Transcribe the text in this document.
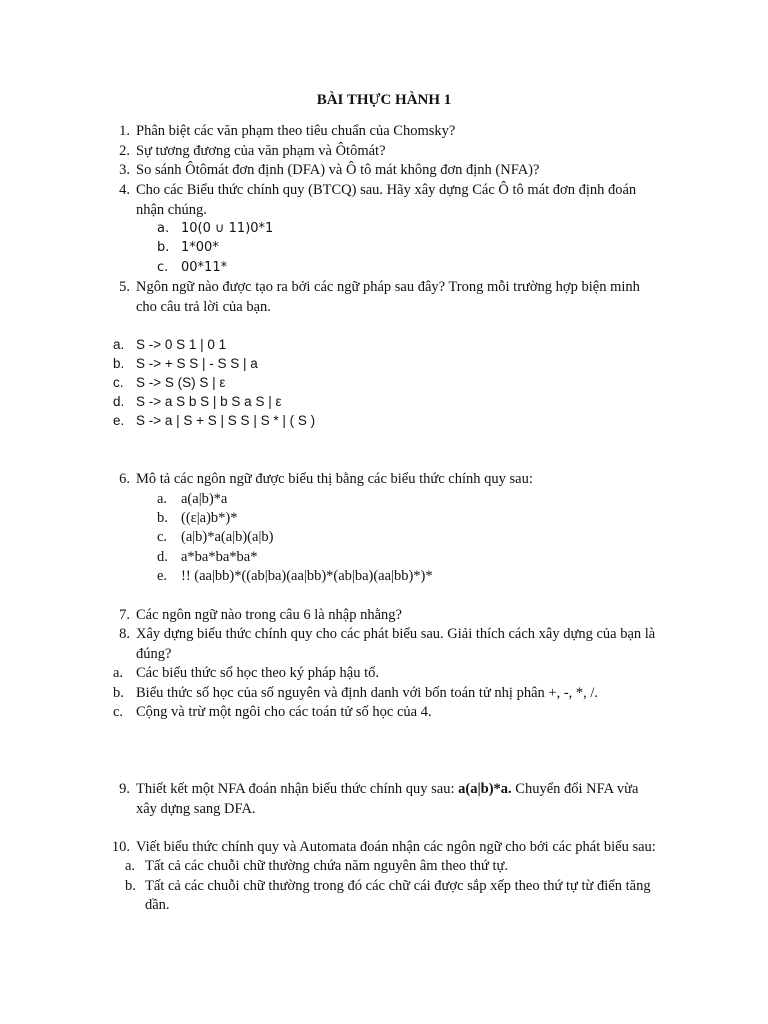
BÀI THỰC HÀNH 1
1. Phân biệt các văn phạm theo tiêu chuẩn của Chomsky?
2. Sự tương đương của văn phạm và Ôtômát?
3. So sánh Ôtômát đơn định (DFA) và Ô tô mát không đơn định (NFA)?
4. Cho các Biểu thức chính quy (BTCQ) sau. Hãy xây dựng Các Ô tô mát đơn định đoán
nhận chúng.
a. 10(0 ∪ 11)0*1
b. 1*00*
c. 00*11*
5. Ngôn ngữ nào được tạo ra bởi các ngữ pháp sau đây? Trong mỗi trường hợp biện minh
cho câu trả lời của bạn.
a. S -> 0 S 1 | 0 1
b. S -> + S S | - S S | a
c. S -> S (S) S | ε
d. S -> a S b S | b S a S | ε
e. S -> a | S + S | S S | S * | ( S )
6. Mô tả các ngôn ngữ được biểu thị bằng các biểu thức chính quy sau:
a. a(a|b)*a
b. ((ε|a)b*)*
c. (a|b)*a(a|b)(a|b)
d. a*ba*ba*ba*
e. !! (aa|bb)*((ab|ba)(aa|bb)*(ab|ba)(aa|bb)*)*
7. Các ngôn ngữ nào trong câu 6 là nhập nhằng?
8. Xây dựng biểu thức chính quy cho các phát biểu sau. Giải thích cách xây dựng của bạn là
đúng?
a. Các biểu thức số học theo ký pháp hậu tố.
b. Biểu thức số học của số nguyên và định danh với bốn toán tử nhị phân +, -, *, /.
c. Cộng và trừ một ngôi cho các toán tử số học của 4.
9. Thiết kết một NFA đoán nhận biểu thức chính quy sau: a(a|b)*a. Chuyển đổi NFA vừa
xây dựng sang DFA.
10. Viết biểu thức chính quy và Automata đoán nhận các ngôn ngữ cho bởi các phát biểu sau:
a. Tất cả các chuỗi chữ thường chứa năm nguyên âm theo thứ tự.
b. Tất cả các chuỗi chữ thường trong đó các chữ cái được sắp xếp theo thứ tự từ điển tăng
dần.
